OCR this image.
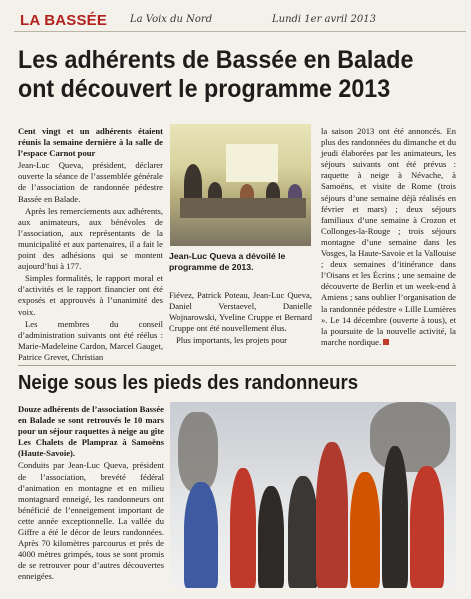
LA BASSÉE La Voix du Nord	Lundi 1er avril 2013
Les adhérents de Bassée en Balade ont découvert le programme 2013

Cent vingt et un adhérents étaient réunis la semaine dernière à la salle de l’espace Carnot pour

Jean-Luc Queva, président, déclarer ouverte la séance de l’assemblée générale de l’association de randonnée pédestre Bassée en Balade.

Après les remerciements aux adhérents, aux animateurs, aux bénévoles de l’association, aux représentants de la municipalité et aux partenaires, il a fait le point des adhésions qui se montent aujourd’hui à 177.

Simples formalités, le rapport moral et d’activités et le rapport financier ont été exposés et approuvés à l’unanimité des voix.

Les membres du conseil d’administration suivants ont été réélus : Marie-Madeleine Cardon, Marcel Gauget, Patrice Grevet, Christian

Jean-Luc Queva a dévoilé le programme de 2013.

Fiévez, Patrick Poteau, Jean-Luc Queva, Daniel Verstaevel, Danielle Wojnarowski, Yveline Cruppe et Bernard Cruppe ont été nouvellement élus.

Plus importants, les projets pour

la saison 2013 ont été annoncés. En plus des randonnées du dimanche et du jeudi élaborées par les animateurs, les séjours suivants ont été prévus : raquette à neige à Névache, à Samoëns, et visite de Rome (trois séjours d’une semaine déjà réalisés en février et mars) ; deux séjours familiaux d’une semaine à Crozon et Collonges-la-Rouge ; trois séjours montagne d’une semaine dans les Vosges, la Haute-Savoie et la Vallouise ; deux semaines d’itinérance dans l’Oisans et les Écrins ; une semaine de découverte de Berlin et un week-end à Amiens ; sans oublier l’organisation de la randonnée pédestre « Lille Lumières ». Le 14 décembre (ouverte à tous), et la poursuite de la nouvelle activité, la marche nordique.

Neige sous les pieds des randonneurs

Douze adhérents de l’association Bassée en Balade se sont retrouvés le 10 mars pour un séjour raquettes à neige au gîte Les Chalets de Plampraz à Samoëns (Haute-Savoie).

Conduits par Jean-Luc Queva, président de l’association, brevété fédéral d’animation en montagne et en milieu montagnard enneigé, les randonneurs ont bénéficié de l’enneigement important de cette année exceptionnelle. La vallée du Giffre a été le décor de leurs randonnées. Après 70 kilomètres parcourus et près de 4000 mètres grimpés, tous se sont promis de se retrouver pour d’autres découvertes enneigées.
